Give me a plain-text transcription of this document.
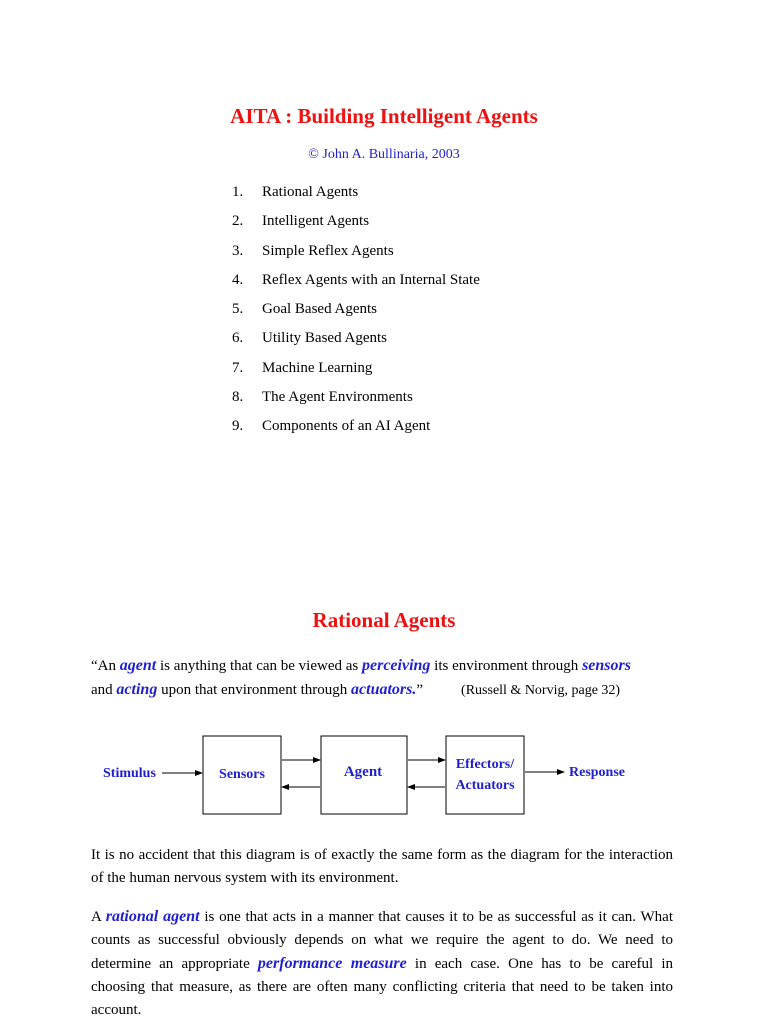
AITA : Building Intelligent Agents
© John A. Bullinaria, 2003
1. Rational Agents
2. Intelligent Agents
3. Simple Reflex Agents
4. Reflex Agents with an Internal State
5. Goal Based Agents
6. Utility Based Agents
7. Machine Learning
8. The Agent Environments
9. Components of an AI Agent
Rational Agents
“An agent is anything that can be viewed as perceiving its environment through sensors
and acting upon that environment through actuators.”	(Russell & Norvig, page 32)
Stimulus	Sensors	Agent	Effectors/
Actuators
Response

It is no accident that this diagram is of exactly the same form as the diagram for the interaction of the human nervous system with its environment.

A rational agent is one that acts in a manner that causes it to be as successful as it can. What counts as successful obviously depends on what we require the agent to do. We need to determine an appropriate performance measure in each case. One has to be careful in choosing that measure, as there are often many conflicting criteria that need to be taken into account.
